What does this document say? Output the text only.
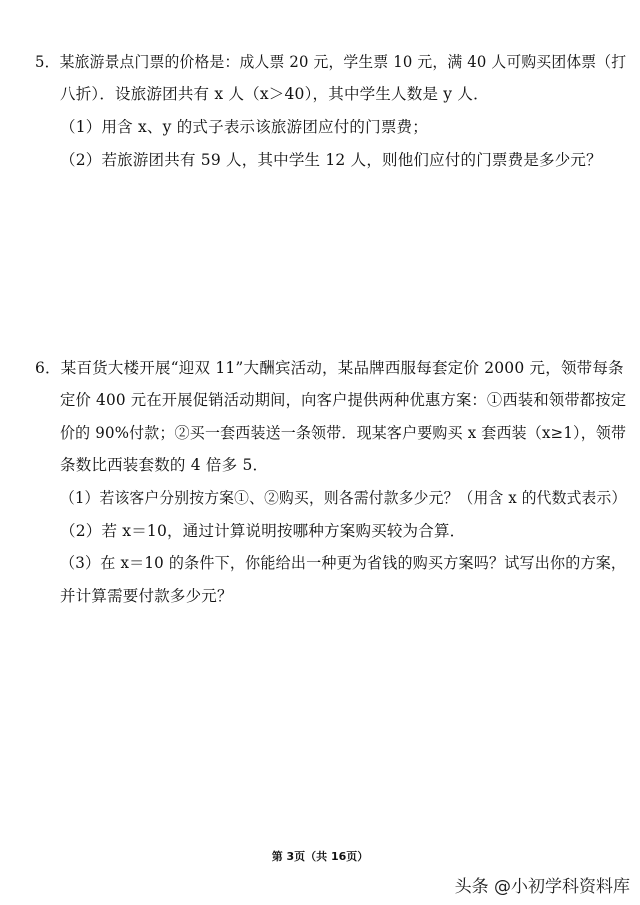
5．某旅游景点门票的价格是：成人票 20 元，学生票 10 元，满 40 人可购买团体票（打
八折）．设旅游团共有 x 人（x＞40），其中学生人数是 y 人．
（1）用含 x、y 的式子表示该旅游团应付的门票费；
（2）若旅游团共有 59 人，其中学生 12 人，则他们应付的门票费是多少元？
6．某百货大楼开展“迎双 11”大酬宾活动，某品牌西服每套定价 2000 元，领带每条
定价 400 元在开展促销活动期间，向客户提供两种优惠方案：①西装和领带都按定
价的 90%付款；②买一套西装送一条领带．现某客户要购买 x 套西装（x≥1），领带
条数比西装套数的 4 倍多 5．
（1）若该客户分别按方案①、②购买，则各需付款多少元？（用含 x 的代数式表示）
（2）若 x＝10，通过计算说明按哪种方案购买较为合算．
（3）在 x＝10 的条件下，你能给出一种更为省钱的购买方案吗？试写出你的方案，
并计算需要付款多少元？
第 3页（共 16页）
头条 @小初学科资料库
